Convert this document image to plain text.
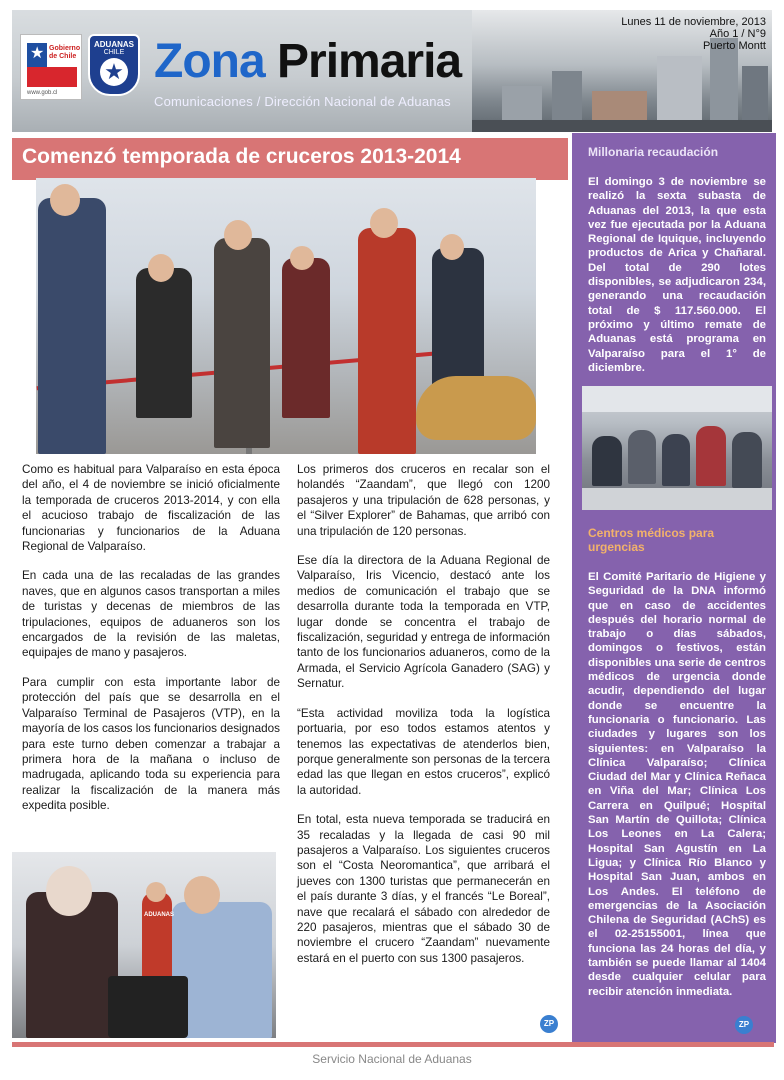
★ Gobierno de Chile
www.gob.cl
ADUANAS
CHILE
★ Zona Primaria
Comunicaciones / Dirección Nacional de Aduanas
Lunes 11 de noviembre, 2013
Año 1 / N°9
Puerto Montt
Comenzó temporada de cruceros 2013-2014

Como es habitual para Valparaíso en esta época del año, el 4 de noviembre se inició oficialmente la temporada de cruceros 2013-2014, y con ella el acucioso trabajo de fiscalización de las funcionarias y funcionarios de la Aduana Regional de Valparaíso.

En cada una de las recaladas de las grandes naves, que en algunos casos transportan a miles de turistas y decenas de miembros de las tripulaciones, equipos de aduaneros son los encargados de la revisión de las maletas, equipajes de mano y pasajeros.

Para cumplir con esta importante labor de protección del país que se desarrolla en el Valparaíso Terminal de Pasajeros (VTP), en la mayoría de los casos los funcionarios designados para este turno deben comenzar a trabajar a primera hora de la mañana o incluso de madrugada, aplicando toda su experiencia para realizar la fiscalización de la manera más expedita posible.

Los primeros dos cruceros en recalar son el holandés “Zaandam”, que llegó con 1200 pasajeros y una tripulación de 628 personas, y el “Silver Explorer” de Bahamas, que arribó con una tripulación de 120 personas.

Ese día la directora de la Aduana Regional de Valparaíso, Iris Vicencio, destacó ante los medios de comunicación el trabajo que se desarrolla durante toda la temporada en VTP, lugar donde se concentra el trabajo de fiscalización, seguridad y entrega de información tanto de los funcionarios aduaneros, como de la Armada, el Servicio Agrícola Ganadero (SAG) y Sernatur.

“Esta actividad moviliza toda la logística portuaria, por eso todos estamos atentos y tenemos las expectativas de atenderlos bien, porque generalmente son personas de la tercera edad las que llegan en estos cruceros”, explicó la autoridad.

En total, esta nueva temporada se traducirá en 35 recaladas y la llegada de casi 90 mil pasajeros a Valparaíso. Los siguientes cruceros son el “Costa Neoromantica”, que arribará el jueves con 1300 turistas que permanecerán en el país durante 3 días, y el francés “Le Boreal”, nave que recalará el sábado con alrededor de 220 pasajeros, mientras que el sábado 30 de noviembre el crucero “Zaandam” nuevamente estará en el puerto con sus 1300 pasajeros.

ADUANAS
ZP
Millonaria recaudación
El domingo 3 de noviembre se realizó la sexta subasta de Aduanas del 2013, la que esta vez fue ejecutada por la Aduana Regional de Iquique, incluyendo productos de Arica y Chañaral. Del total de 290 lotes disponibles, se adjudicaron 234, generando una recaudación total de $ 117.560.000. El próximo y último remate de Aduanas está programa en Valparaíso para el 1° de diciembre.
Centros médicos para urgencias
El Comité Paritario de Higiene y Seguridad de la DNA informó que en caso de accidentes después del horario normal de trabajo o días sábados, domingos o festivos, están disponibles una serie de centros médicos de urgencia donde acudir, dependiendo del lugar donde se encuentre la funcionaria o funcionario. Las ciudades y lugares son los siguientes: en Valparaíso la Clínica Valparaíso; Clínica Ciudad del Mar y Clínica Reñaca en Viña del Mar; Clínica Los Carrera en Quilpué; Hospital San Martín de Quillota; Clínica Los Leones en La Calera; Hospital San Agustín en La Ligua; y Clínica Río Blanco y Hospital San Juan, ambos en Los Andes. El teléfono de emergencias de la Asociación Chilena de Seguridad (AChS) es el 02-25155001, línea que funciona las 24 horas del día, y también se puede llamar al 1404 desde cualquier celular para recibir atención inmediata.
ZP
Servicio Nacional de Aduanas
